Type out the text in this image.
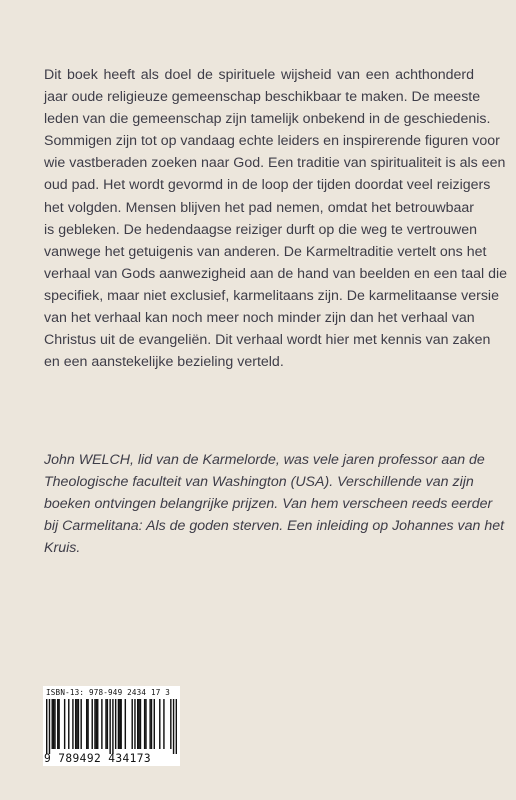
Dit boek heeft als doel de spirituele wijsheid van een achthonderd
jaar oude religieuze gemeenschap beschikbaar te maken. De meeste
leden van die gemeenschap zijn tamelijk onbekend in de geschiedenis.
Sommigen zijn tot op vandaag echte leiders en inspirerende figuren voor
wie vastberaden zoeken naar God. Een traditie van spiritualiteit is als een
oud pad. Het wordt gevormd in de loop der tijden doordat veel reizigers
het volgden. Mensen blijven het pad nemen, omdat het betrouwbaar
is gebleken. De hedendaagse reiziger durft op die weg te vertrouwen
vanwege het getuigenis van anderen. De Karmeltraditie vertelt ons het
verhaal van Gods aanwezigheid aan de hand van beelden en een taal die
specifiek, maar niet exclusief, karmelitaans zijn. De karmelitaanse versie
van het verhaal kan noch meer noch minder zijn dan het verhaal van
Christus uit de evangeliën. Dit verhaal wordt hier met kennis van zaken
en een aanstekelijke bezieling verteld.
John WELCH, lid van de Karmelorde, was vele jaren professor aan de
Theologische faculteit van Washington (USA). Verschillende van zijn
boeken ontvingen belangrijke prijzen. Van hem verscheen reeds eerder
bij Carmelitana: Als de goden sterven. Een inleiding op Johannes van het
Kruis.
ISBN-13: 978-949 2434 17 3
9 789492 434173
